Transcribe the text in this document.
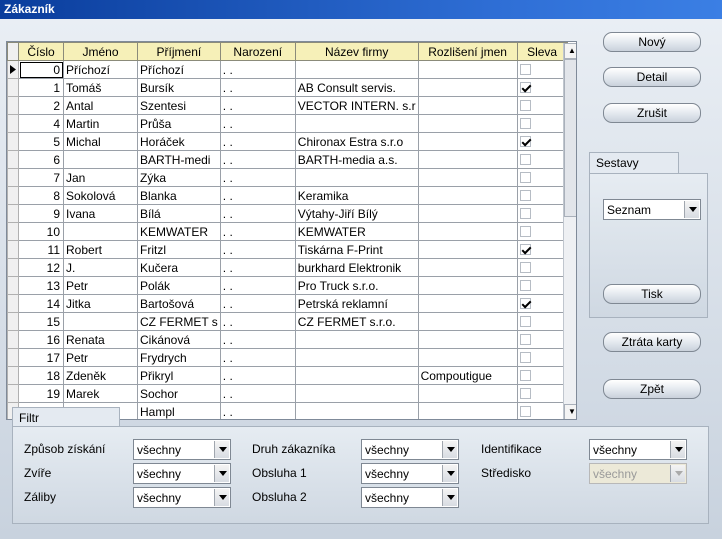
Zákazník
	Číslo	Jméno	Příjmení	Narození	Název firmy	Rozlišení jmen	Sleva
	0	Příchozí	Příchozí	. .			
	1	Tomáš	Bursík	. .	AB Consult servis.		
	2	Antal	Szentesi	. .	VECTOR INTERN. s.r		
	4	Martin	Průša	. .			
	5	Michal	Horáček	. .	Chironax Estra s.r.o		
	6		BARTH-medi	. .	BARTH-media a.s.		
	7	Jan	Zýka	. .			
	8	Sokolová	Blanka	. .	Keramika		
	9	Ivana	Bílá	. .	Výtahy-Jiří Bílý		
	10		KEMWATER	. .	KEMWATER		
	11	Robert	Fritzl	. .	Tiskárna F-Print		
	12	J.	Kučera	. .	burkhard Elektronik		
	13	Petr	Polák	. .	Pro Truck s.r.o.		
	14	Jitka	Bartošová	. .	Petrská reklamní		
	15		CZ FERMET s	. .	CZ FERMET s.r.o.		
	16	Renata	Cikánová	. .			
	17	Petr	Frydrych	. .			
	18	Zdeněk	Přikryl	. .		Compoutigue	
	19	Marek	Sochor	. .			
			Hampl	. .			
▲
▼
Nový
Detail
Zrušit
Sestavy
Seznam
Tisk
Ztráta karty
Zpět
Filtr
Způsob získání	všechny
Zvíře	všechny
Záliby	všechny
Druh zákazníka	všechny
Obsluha 1	všechny
Obsluha 2	všechny
Identifikace	všechny
Středisko	všechny
